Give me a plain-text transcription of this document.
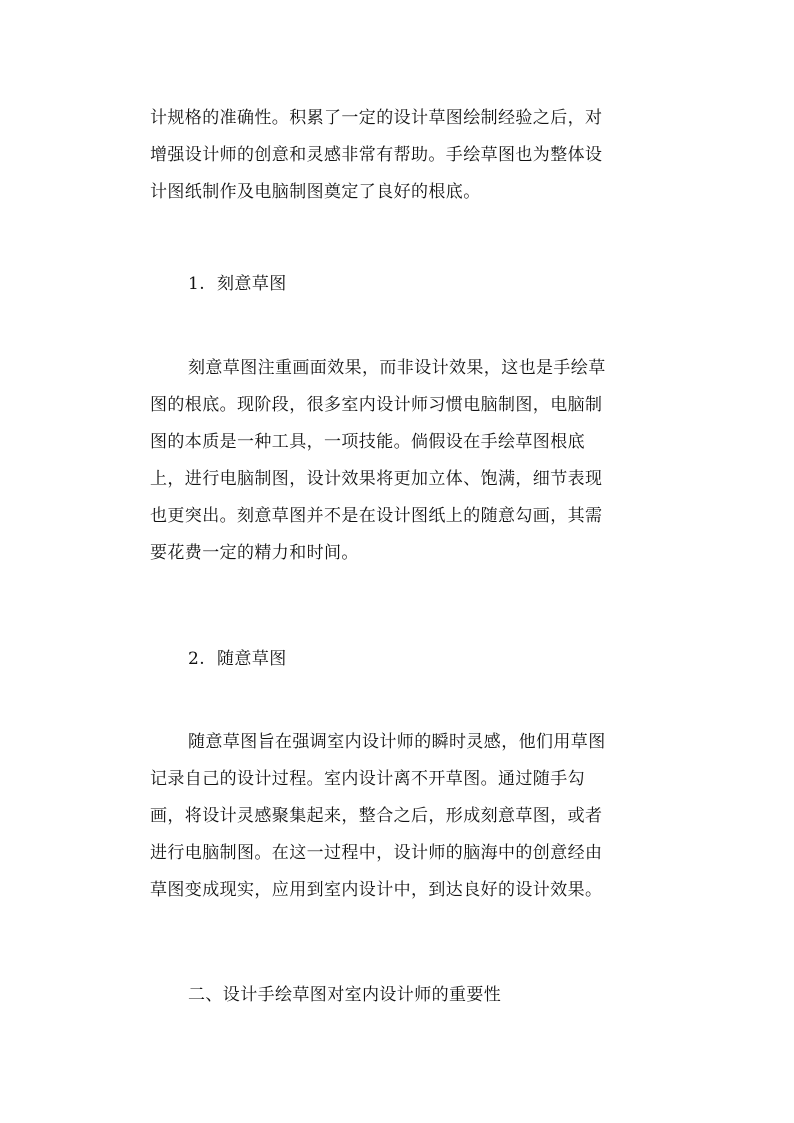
计规格的准确性。积累了一定的设计草图绘制经验之后，对
增强设计师的创意和灵感非常有帮助。手绘草图也为整体设
计图纸制作及电脑制图奠定了良好的根底。
1. 刻意草图
刻意草图注重画面效果，而非设计效果，这也是手绘草
图的根底。现阶段，很多室内设计师习惯电脑制图，电脑制
图的本质是一种工具，一项技能。倘假设在手绘草图根底
上，进行电脑制图，设计效果将更加立体、饱满，细节表现
也更突出。刻意草图并不是在设计图纸上的随意勾画，其需
要花费一定的精力和时间。
2. 随意草图
随意草图旨在强调室内设计师的瞬时灵感，他们用草图
记录自己的设计过程。室内设计离不开草图。通过随手勾
画，将设计灵感聚集起来，整合之后，形成刻意草图，或者
进行电脑制图。在这一过程中，设计师的脑海中的创意经由
草图变成现实，应用到室内设计中，到达良好的设计效果。
二、设计手绘草图对室内设计师的重要性
